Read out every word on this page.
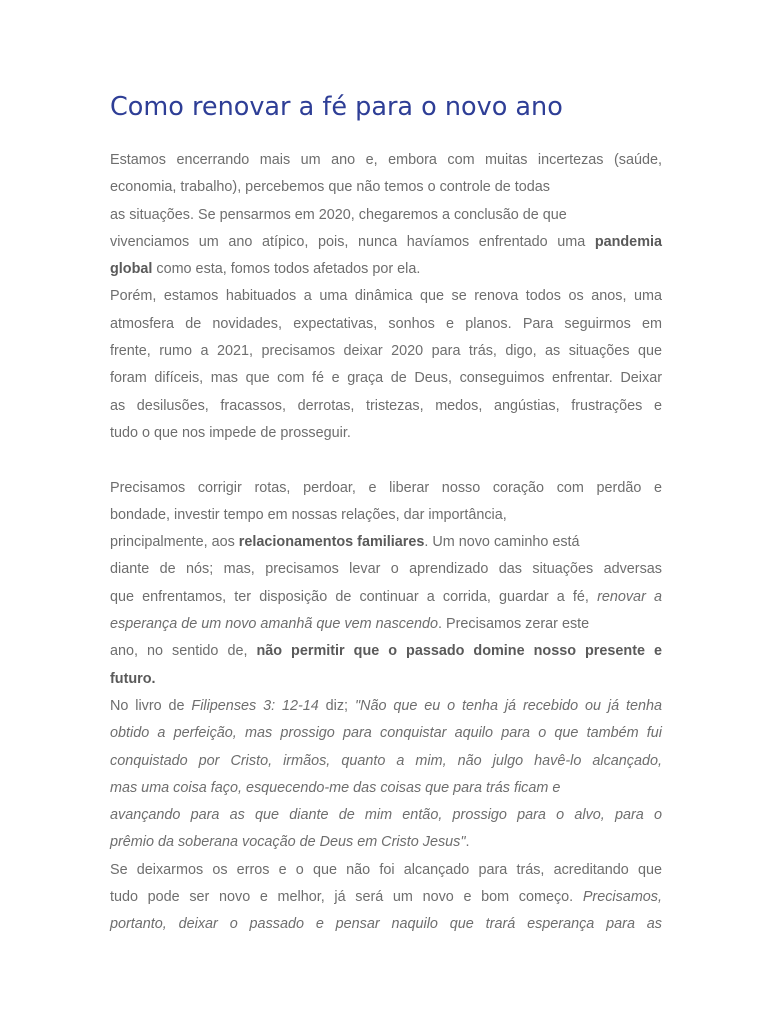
Como renovar a fé para o novo ano

Estamos encerrando mais um ano e, embora com muitas incertezas (saúde,
economia, trabalho), percebemos que não temos o controle de todas
as situações. Se pensarmos em 2020, chegaremos a conclusão de que
vivenciamos um ano atípico, pois, nunca havíamos enfrentado uma pandemia
global como esta, fomos todos afetados por ela.

Porém, estamos habituados a uma dinâmica que se renova todos os anos, uma
atmosfera de novidades, expectativas, sonhos e planos. Para seguirmos em
frente, rumo a 2021, precisamos deixar 2020 para trás, digo, as situações que
foram difíceis, mas que com fé e graça de Deus, conseguimos enfrentar. Deixar
as desilusões, fracassos, derrotas, tristezas, medos, angústias, frustrações e
tudo o que nos impede de prosseguir.

Precisamos corrigir rotas, perdoar, e liberar nosso coração com perdão e
bondade, investir tempo em nossas relações, dar importância,
principalmente, aos relacionamentos familiares. Um novo caminho está
diante de nós; mas, precisamos levar o aprendizado das situações adversas
que enfrentamos, ter disposição de continuar a corrida, guardar a fé, renovar a
esperança de um novo amanhã que vem nascendo. Precisamos zerar este
ano, no sentido de, não permitir que o passado domine nosso presente e
futuro.

No livro de Filipenses 3: 12-14 diz; "Não que eu o tenha já recebido ou já tenha
obtido a perfeição, mas prossigo para conquistar aquilo para o que também fui
conquistado por Cristo, irmãos, quanto a mim, não julgo havê-lo alcançado,
mas uma coisa faço, esquecendo-me das coisas que para trás ficam e
avançando para as que diante de mim então, prossigo para o alvo, para o
prêmio da soberana vocação de Deus em Cristo Jesus".

Se deixarmos os erros e o que não foi alcançado para trás, acreditando que
tudo pode ser novo e melhor, já será um novo e bom começo. Precisamos,
portanto, deixar o passado e pensar naquilo que trará esperança para as
